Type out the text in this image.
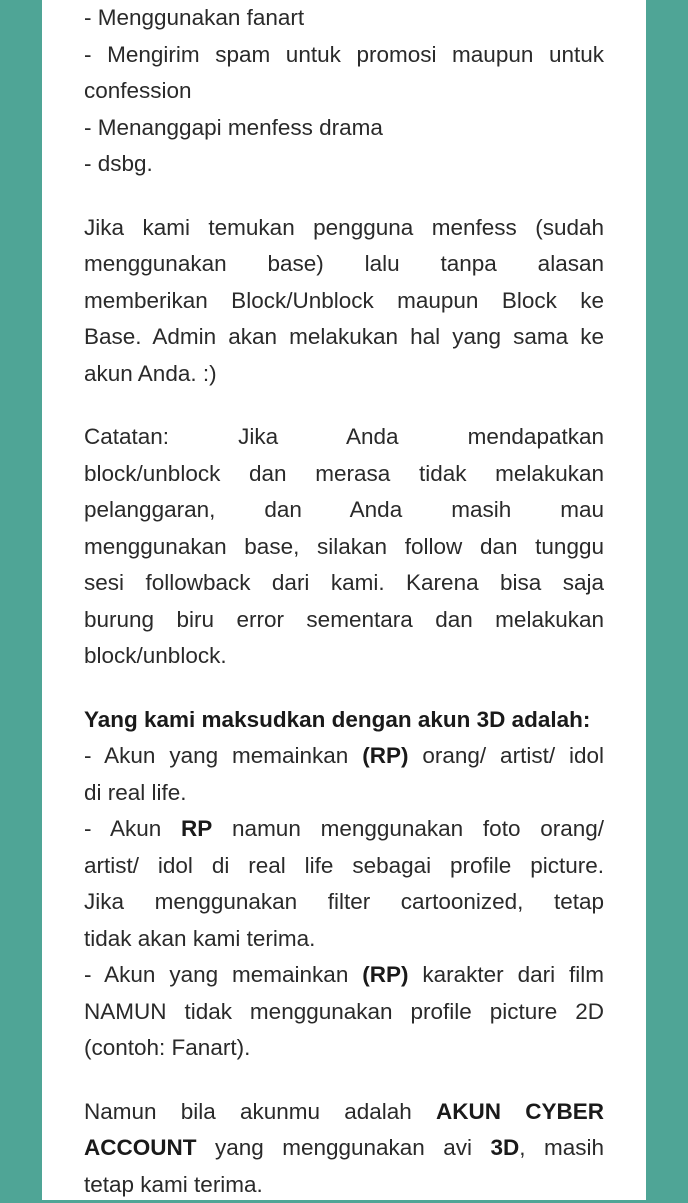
- Menggunakan fanart
- Mengirim spam untuk promosi maupun untuk
confession
- Menanggapi menfess drama
- dsbg.
Jika kami temukan pengguna menfess (sudah
menggunakan base) lalu tanpa alasan
memberikan Block/Unblock maupun Block ke
Base. Admin akan melakukan hal yang sama ke
akun Anda. :)
Catatan: Jika Anda mendapatkan
block/unblock dan merasa tidak melakukan
pelanggaran, dan Anda masih mau
menggunakan base, silakan follow dan tunggu
sesi followback dari kami. Karena bisa saja
burung biru error sementara dan melakukan
block/unblock.
Yang kami maksudkan dengan akun 3D adalah:
- Akun yang memainkan (RP) orang/ artist/ idol
di real life.
- Akun RP namun menggunakan foto orang/
artist/ idol di real life sebagai profile picture.
Jika menggunakan filter cartoonized, tetap
tidak akan kami terima.
- Akun yang memainkan (RP) karakter dari film
NAMUN tidak menggunakan profile picture 2D
(contoh: Fanart).
Namun bila akunmu adalah AKUN CYBER
ACCOUNT yang menggunakan avi 3D, masih
tetap kami terima.
